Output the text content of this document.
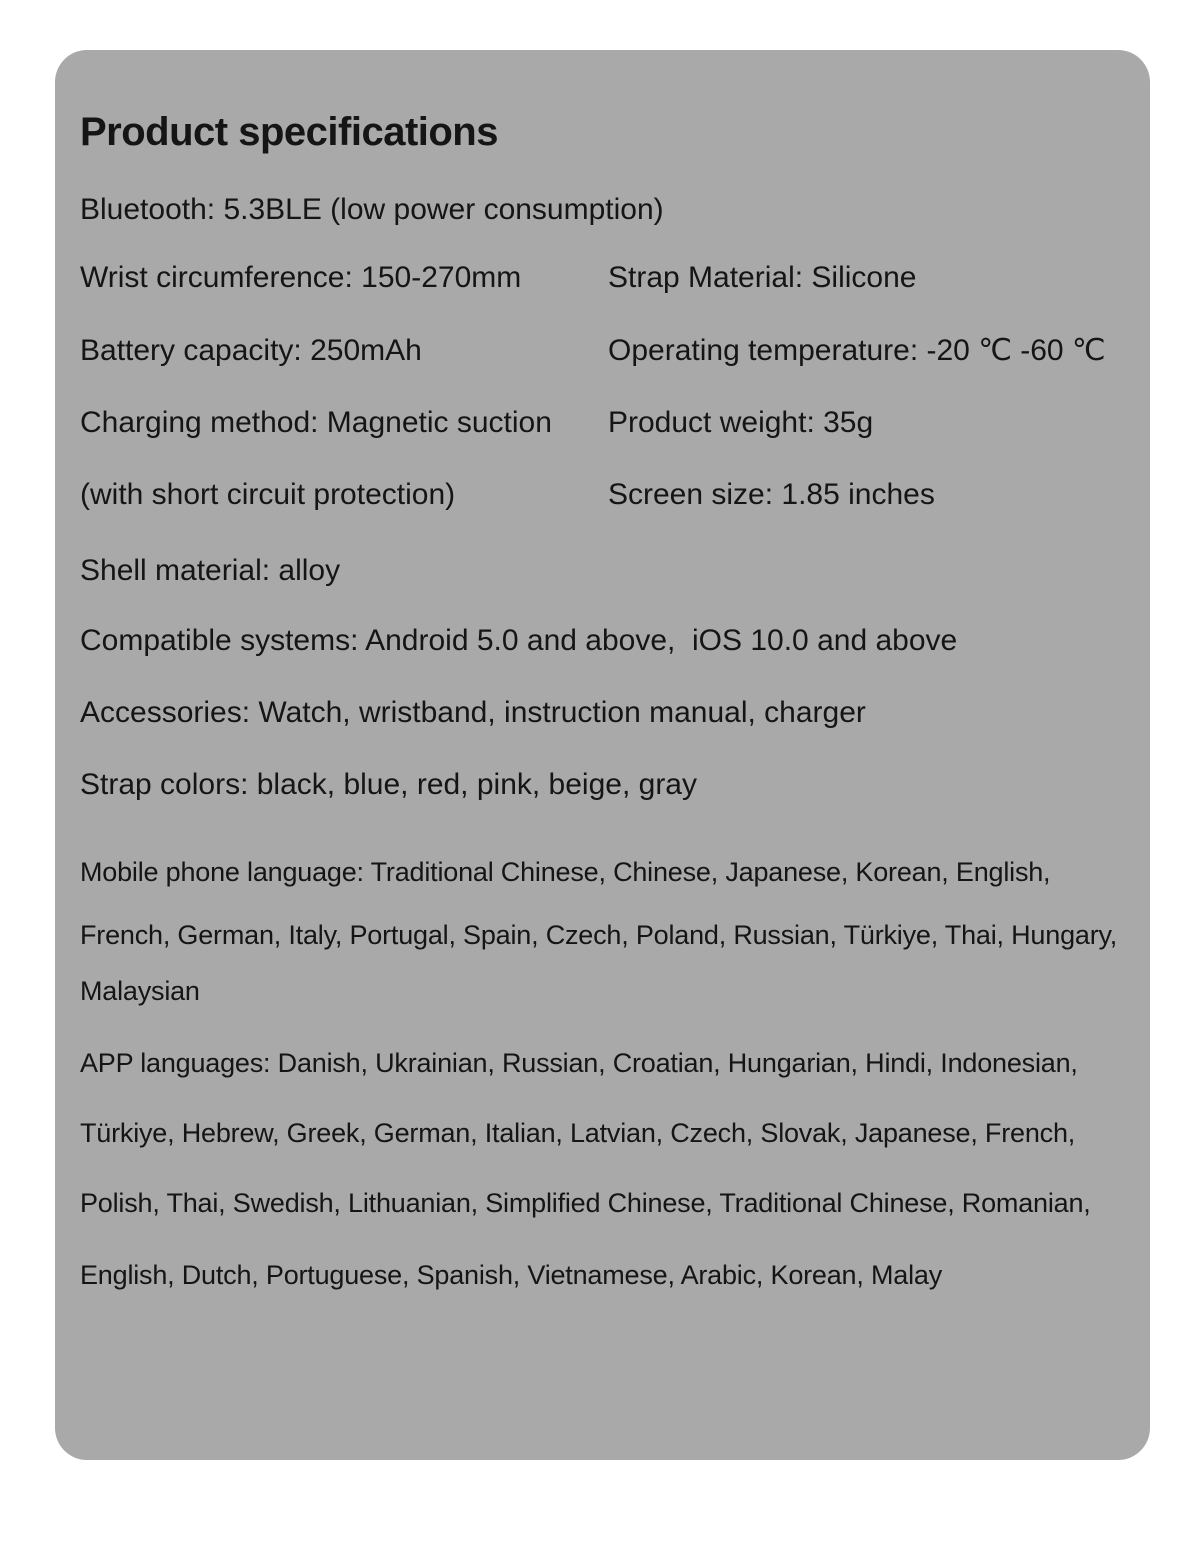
Product specifications
Bluetooth: 5.3BLE (low power consumption)
Wrist circumference: 150-270mm	Strap Material: Silicone
Battery capacity: 250mAh	Operating temperature: -20 ℃ -60 ℃
Charging method: Magnetic suction Product weight: 35g
(with short circuit protection)	Screen size: 1.85 inches
Shell material: alloy
Compatible systems: Android 5.0 and above,  iOS 10.0 and above
Accessories: Watch, wristband, instruction manual, charger
Strap colors: black, blue, red, pink, beige, gray
Mobile phone language: Traditional Chinese, Chinese, Japanese, Korean, English,
French, German, Italy, Portugal, Spain, Czech, Poland, Russian, Türkiye, Thai, Hungary,
Malaysian
APP languages: Danish, Ukrainian, Russian, Croatian, Hungarian, Hindi, Indonesian,
Türkiye, Hebrew, Greek, German, Italian, Latvian, Czech, Slovak, Japanese, French,
Polish, Thai, Swedish, Lithuanian, Simplified Chinese, Traditional Chinese, Romanian,
English, Dutch, Portuguese, Spanish, Vietnamese, Arabic, Korean, Malay
